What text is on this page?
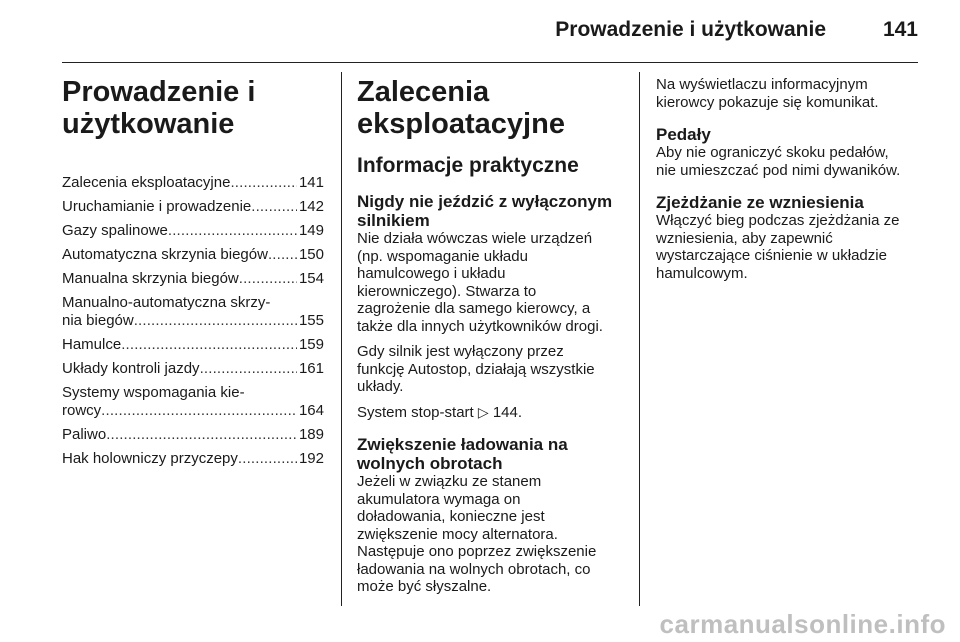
Prowadzenie i użytkowanie	141
Prowadzenie i
użytkowanie
Zalecenia eksploatacyjne . . .	141
Uruchamianie i prowadzenie . . .	142
Gazy spalinowe . . .	149
Automatyczna skrzynia biegów . . . 150
Manualna skrzynia biegów . . .	154
Manualno-automatyczna skrzy-
nia biegów . . .	155
Hamulce . . .	159
Układy kontroli jazdy . . .	161
Systemy wspomagania kie-
rowcy . . .	164
Paliwo . . .	189
Hak holowniczy przyczepy . . .	192
Zalecenia
eksploatacyjne
Informacje praktyczne
Nigdy nie jeździć z wyłączonym
silnikiem

Nie działa wówczas wiele urządzeń
(np. wspomaganie układu
hamulcowego i układu
kierowniczego). Stwarza to
zagrożenie dla samego kierowcy, a
także dla innych użytkowników drogi.

Gdy silnik jest wyłączony przez
funkcję Autostop, działają wszystkie
układy.

System stop-start ▷ 144.

Zwiększenie ładowania na
wolnych obrotach

Jeżeli w związku ze stanem
akumulatora wymaga on
doładowania, konieczne jest
zwiększenie mocy alternatora.
Następuje ono poprzez zwiększenie
ładowania na wolnych obrotach, co
może być słyszalne.

Na wyświetlaczu informacyjnym
kierowcy pokazuje się komunikat.

Pedały

Aby nie ograniczyć skoku pedałów,
nie umieszczać pod nimi dywaników.

Zjeżdżanie ze wzniesienia

Włączyć bieg podczas zjeżdżania ze
wzniesienia, aby zapewnić
wystarczające ciśnienie w układzie
hamulcowym.

carmanualsonline.info
